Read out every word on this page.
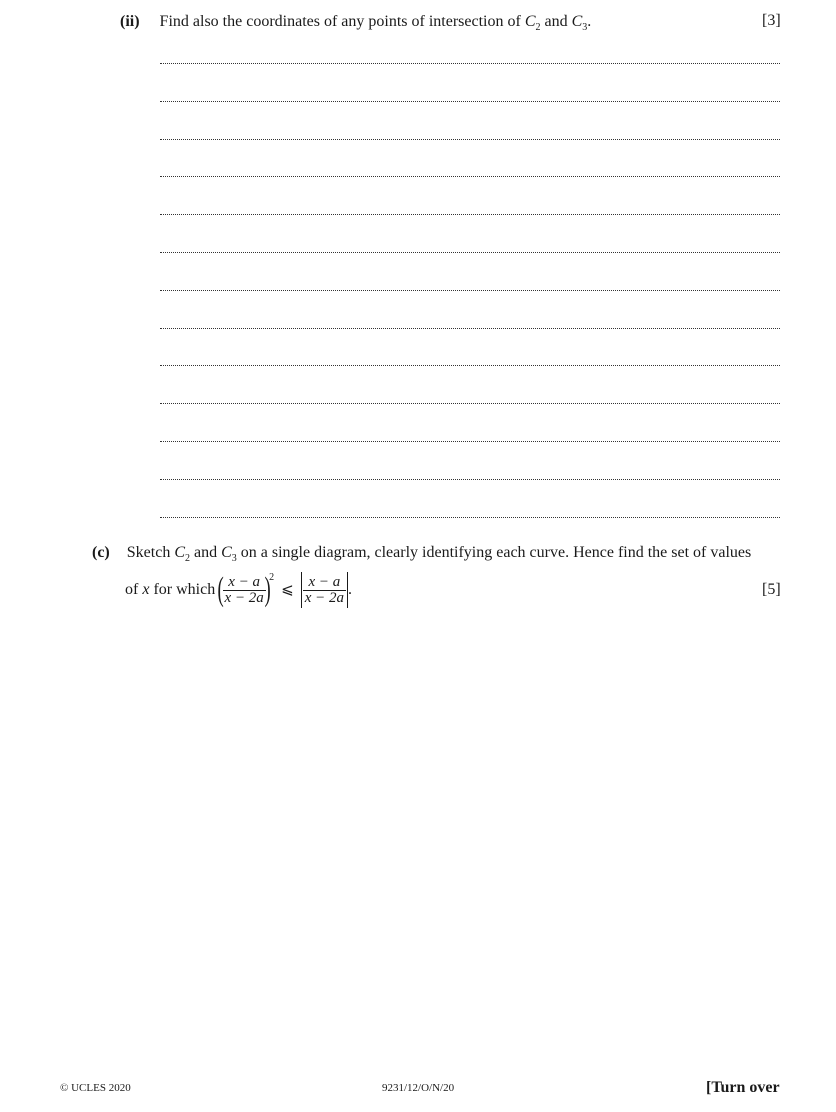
(ii) Find also the coordinates of any points of intersection of $C_2$ and $C_3$.	[3]
(c) Sketch $C_2$ and $C_3$ on a single diagram, clearly identifying each curve. Hence find the set of values
of x for which (
$\frac{x - a}{x - 2a}$
)$^2$ ⩽ $\frac{x - a}{x - 2a}$ .	[5]
© UCLES 2020	9231/12/O/N/20	[Turn over
